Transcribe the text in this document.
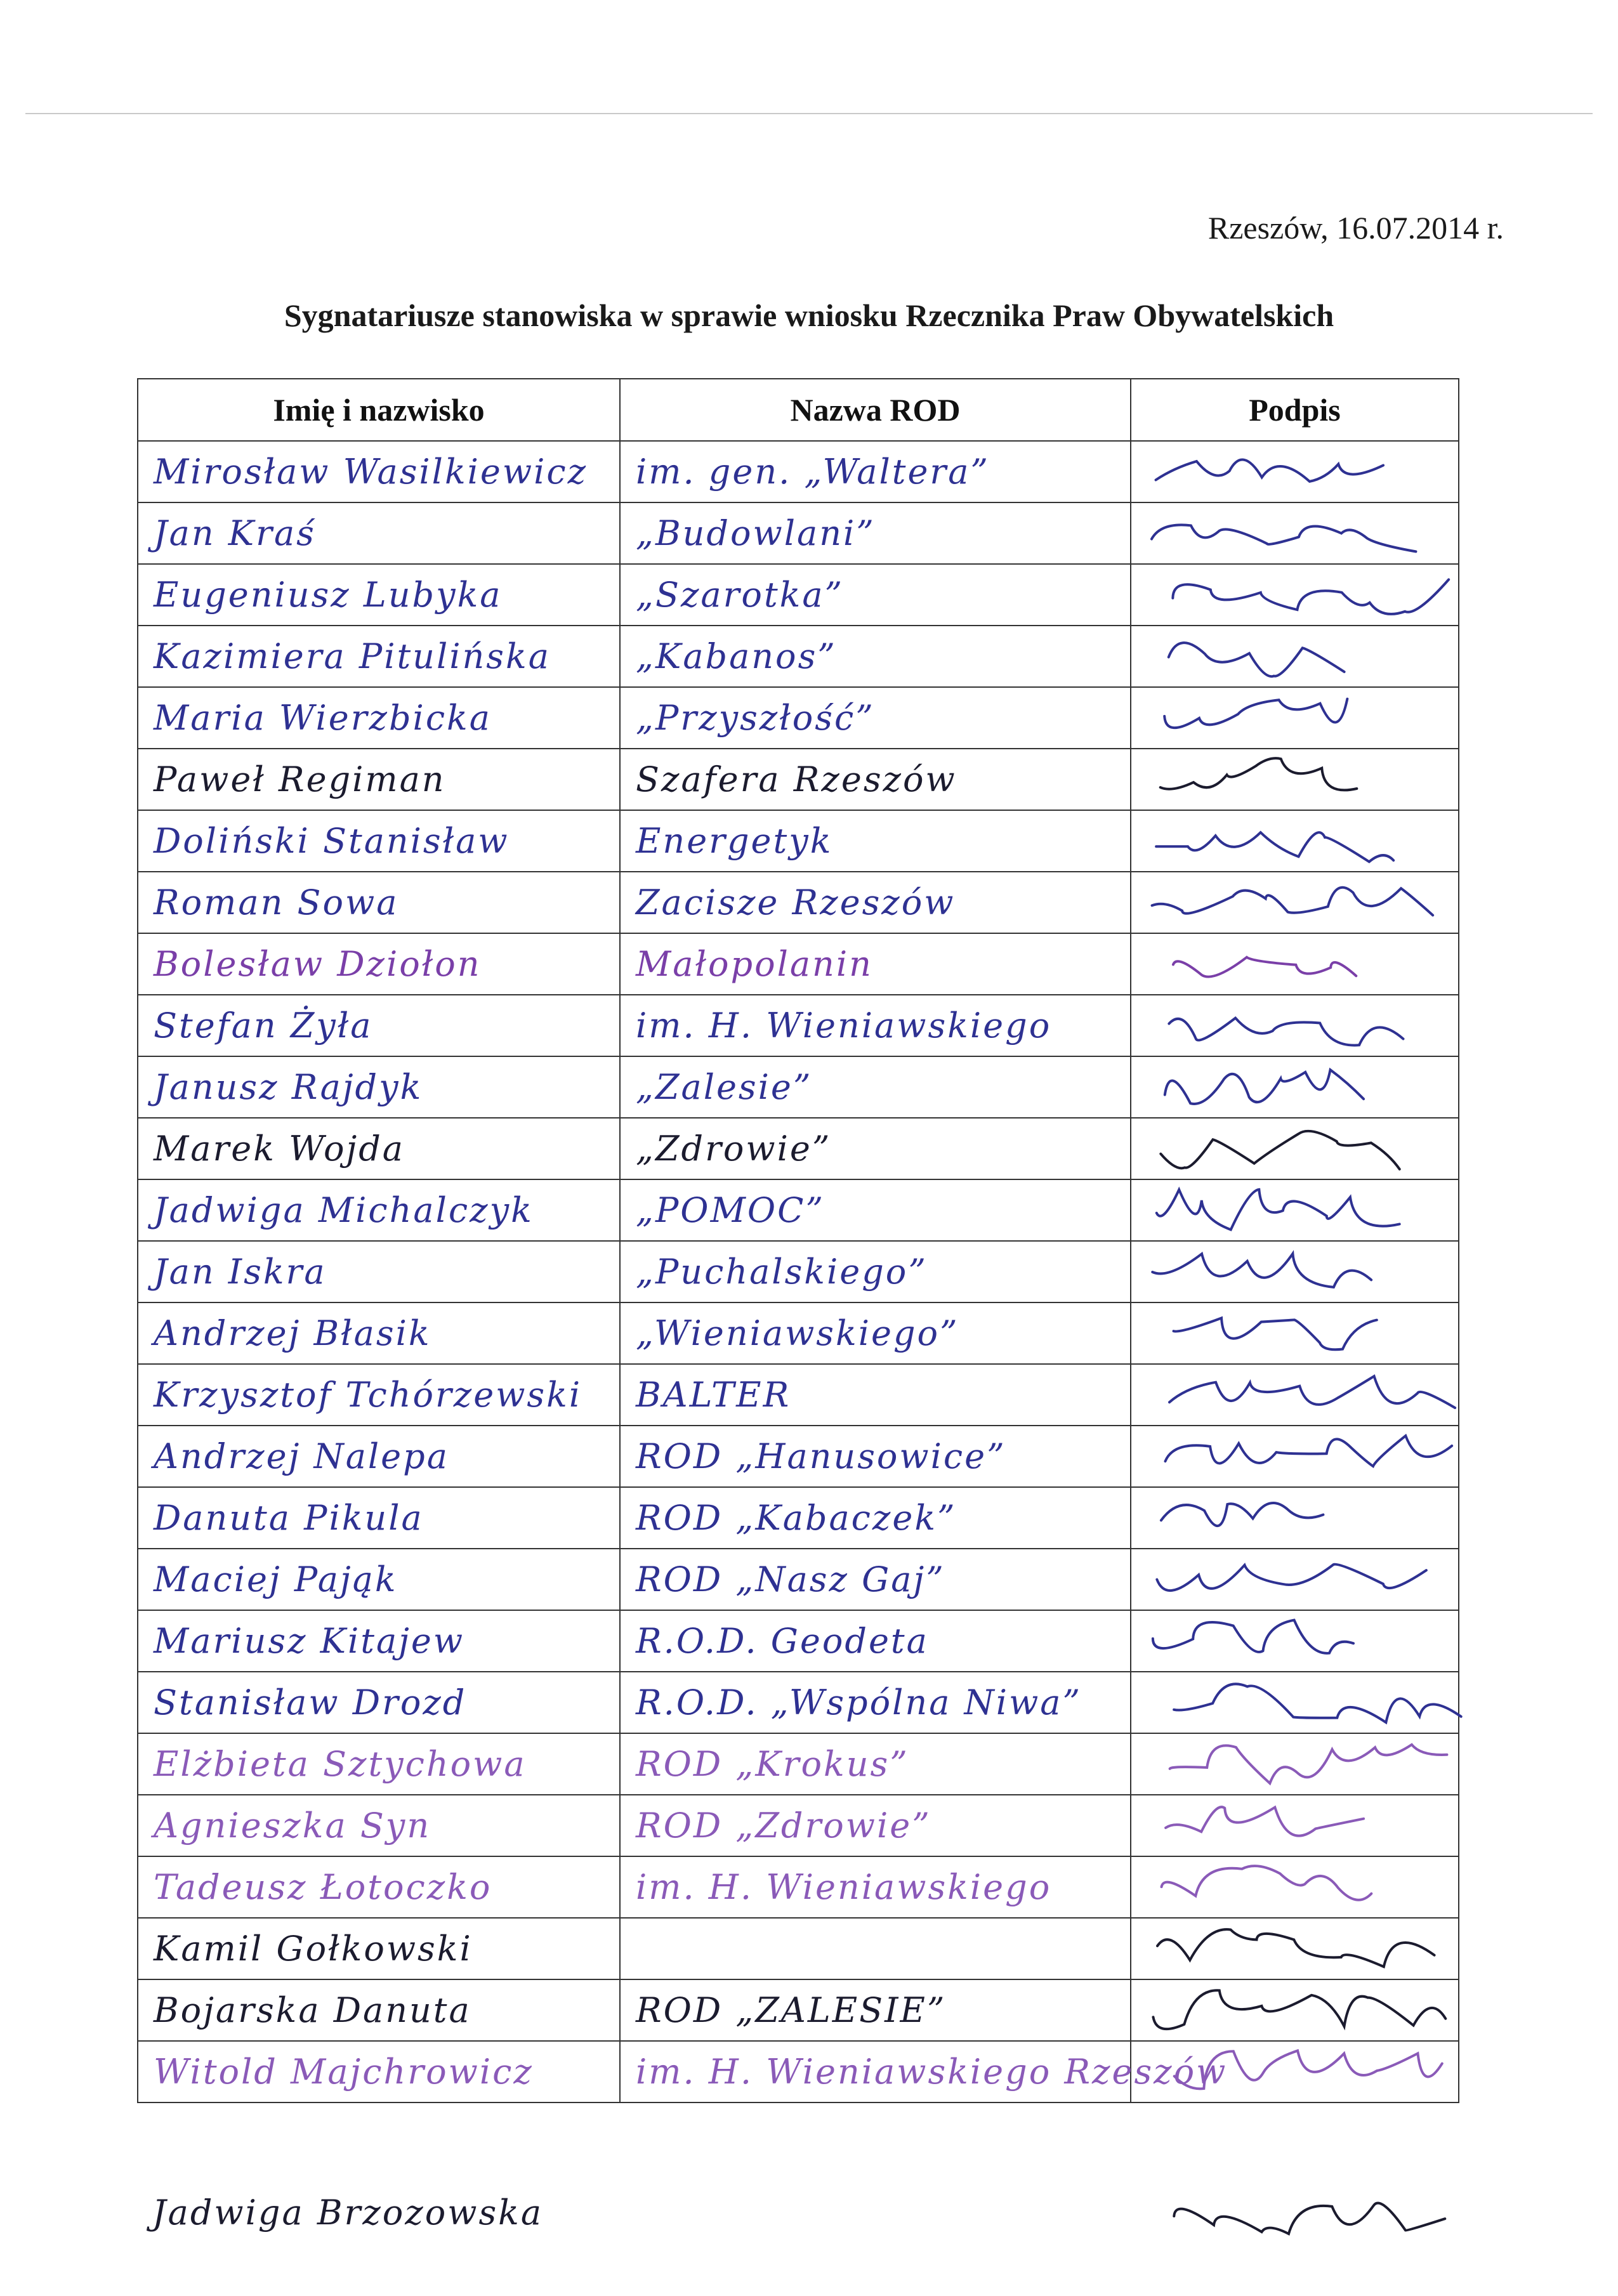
Rzeszów, 16.07.2014 r.
Sygnatariusze stanowiska w sprawie wniosku Rzecznika Praw Obywatelskich
Imię i nazwisko	Nazwa ROD	Podpis

Mirosław Wasilkiewicz	im. gen. „Waltera”

Jan Kraś	„Budowlani”

Eugeniusz Lubyka	„Szarotka”

Kazimiera Pitulińska	„Kabanos”

Maria Wierzbicka	„Przyszłość”

Paweł Regiman	Szafera Rzeszów

Doliński Stanisław	Energetyk

Roman Sowa	Zacisze Rzeszów

Bolesław Dziołon	Małopolanin

Stefan Żyła	im. H. Wieniawskiego

Janusz Rajdyk	„Zalesie”

Marek Wojda	„Zdrowie”

Jadwiga Michalczyk	„POMOC”

Jan Iskra	„Puchalskiego”

Andrzej Błasik	„Wieniawskiego”

Krzysztof Tchórzewski	BALTER

Andrzej Nalepa	ROD „Hanusowice”

Danuta Pikula	ROD „Kabaczek”

Maciej Pająk	ROD „Nasz Gaj”

Mariusz Kitajew	R.O.D. Geodeta

Stanisław Drozd	R.O.D. „Wspólna Niwa”

Elżbieta Sztychowa	ROD „Krokus”

Agnieszka Syn	ROD „Zdrowie”

Tadeusz Łotoczko	im. H. Wieniawskiego

Kamil Gołkowski

Bojarska Danuta	ROD „ZALESIE”

Witold Majchrowicz	im. H. Wieniawskiego Rzeszów

Jadwiga Brzozowska
